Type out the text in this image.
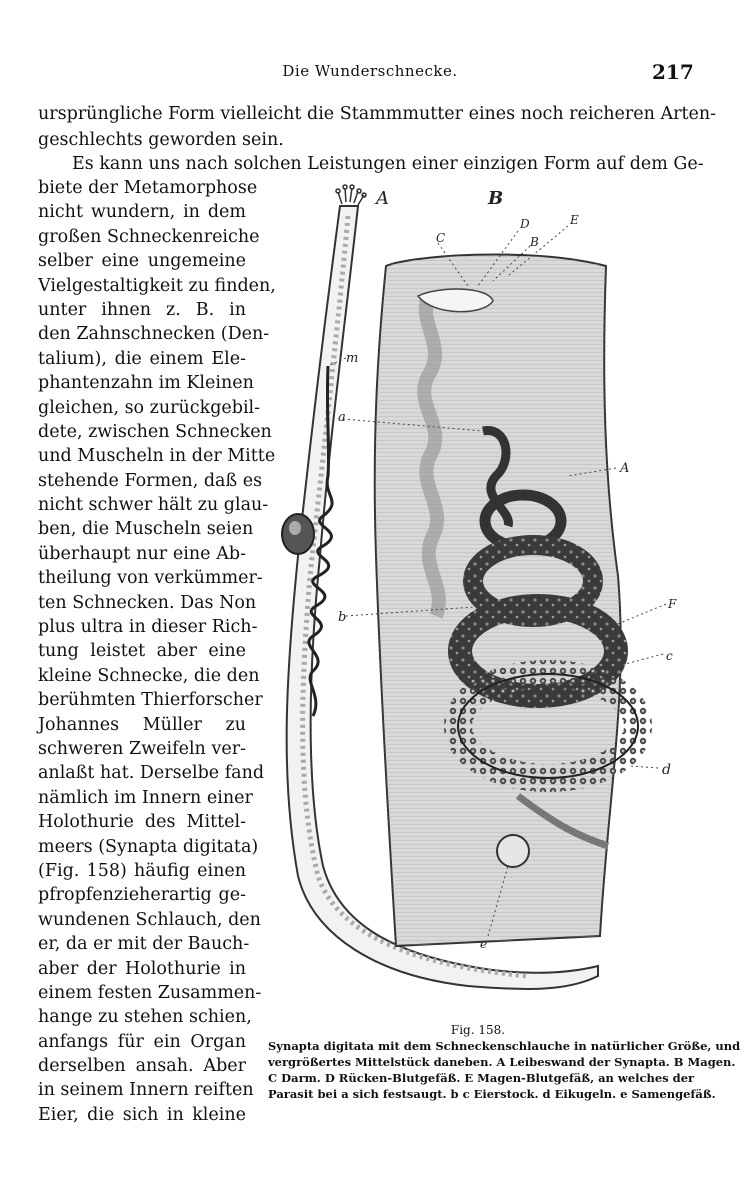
Die Wunderschnecke.	217
ursprüngliche Form vielleicht die Stammmutter eines noch reicheren Arten-
geschlechts geworden sein.
Es kann uns nach solchen Leistungen einer einzigen Form auf dem Ge-
biete der Metamorphose
nicht wundern, in dem
großen Schneckenreiche
selber eine ungemeine
Vielgestaltigkeit zu finden,
unter ihnen z. B. in
den Zahnschnecken (Den-
talium), die einem Ele-
phantenzahn im Kleinen
gleichen, so zurückgebil-
dete, zwischen Schnecken
und Muscheln in der Mitte
stehende Formen, daß es
nicht schwer hält zu glau-
ben, die Muscheln seien
überhaupt nur eine Ab-
theilung von verkümmer-
ten Schnecken. Das Non
plus ultra in dieser Rich-
tung leistet aber eine
kleine Schnecke, die den
berühmten Thierforscher
Johannes Müller zu
schweren Zweifeln ver-
anlaßt hat. Derselbe fand
nämlich im Innern einer
Holothurie des Mittel-
meers (Synapta digitata)
(Fig. 158) häufig einen
pfropfenzieherartig ge-
wundenen Schlauch, den
er, da er mit der Bauch-
aber der Holothurie in
einem festen Zusammen-
hange zu stehen schien,
anfangs für ein Organ
derselben ansah. Aber
in seinem Innern reiften
Eier, die sich in kleine
A	B
m
a
b
C
D
B
E
A
F
c
d
e
Fig. 158.
Synapta digitata mit dem Schneckenschlauche in natürlicher Größe, und
vergrößertes Mittelstück daneben. A Leibeswand der Synapta. B Magen.
C Darm. D Rücken-Blutgefäß. E Magen-Blutgefäß, an welches der
Parasit bei a sich festsaugt. b c Eierstock. d Eikugeln. e Samengefäß.
